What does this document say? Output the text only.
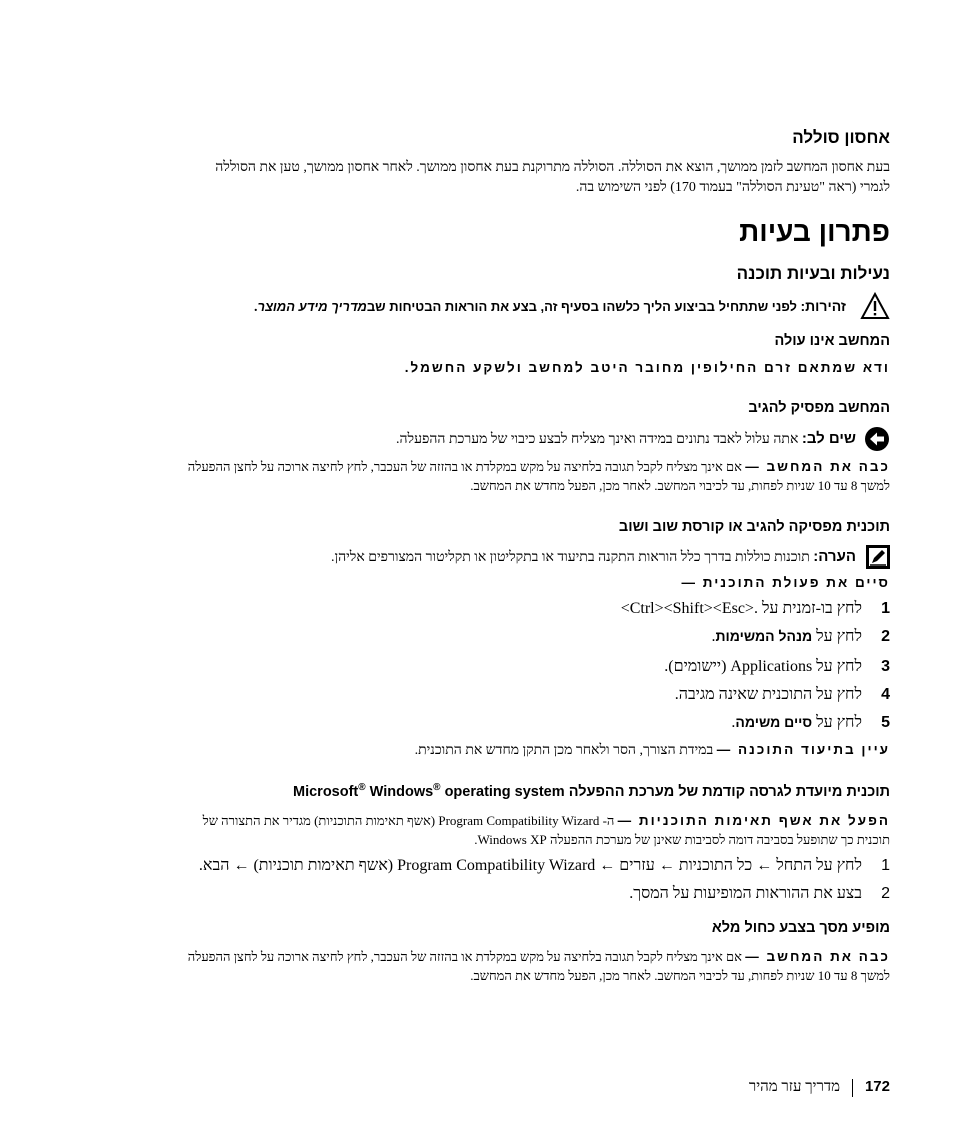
אחסון סוללה
בעת אחסון המחשב לזמן ממושך, הוצא את הסוללה. הסוללה מתרוקנת בעת אחסון ממושך. לאחר אחסון ממושך, טען את הסוללה
לגמרי (ראה "טעינת הסוללה" בעמוד 170) לפני השימוש בה.
פתרון בעיות
נעילות ובעיות תוכנה
זהירות: לפני שתתחיל בביצוע הליך כלשהו בסעיף זה, בצע את הוראות הבטיחות שבמדריך מידע המוצר.
המחשב אינו עולה
ודא שמתאם זרם החילופין מחובר היטב למחשב ולשקע החשמל.
המחשב מפסיק להגיב
שים לב: אתה עלול לאבד נתונים במידה ואינך מצליח לבצע כיבוי של מערכת ההפעלה.
כבה את המחשב — אם אינך מצליח לקבל תגובה בלחיצה על מקש במקלדת או בהזזה של העכבר, לחץ לחיצה ארוכה על לחצן ההפעלה
למשך 8 עד 10 שניות לפחות, עד לכיבוי המחשב. לאחר מכן, הפעל מחדש את המחשב.
תוכנית מפסיקה להגיב או קורסת שוב ושוב
הערה: תוכנות כוללות בדרך כלל הוראות התקנה בתיעוד או בתקליטון או תקליטור המצורפים אליהן.
סיים את פעולת התוכנית —
1לחץ בו-זמנית על <Ctrl><Shift><Esc>.
2לחץ על מנהל המשימות.
3לחץ על Applications (יישומים).
4לחץ על התוכנית שאינה מגיבה.
5לחץ על סיים משימה.
עיין בתיעוד התוכנה — במידת הצורך, הסר ולאחר מכן התקן מחדש את התוכנית.
תוכנית מיועדת לגרסה קודמת של מערכת ההפעלה Microsoft® Windows® operating system
הפעל את אשף תאימות התוכניות — ה- Program Compatibility Wizard (אשף תאימות התוכניות) מגדיר את התצורה של
תוכנית כך שתופעל בסביבה דומה לסביבות שאינן של מערכת ההפעלה Windows XP.
1לחץ על התחל ← כל התוכניות ← עזרים ← Program Compatibility Wizard (אשף תאימות תוכניות) ← הבא.
2בצע את ההוראות המופיעות על המסך.
מופיע מסך בצבע כחול מלא
כבה את המחשב — אם אינך מצליח לקבל תגובה בלחיצה על מקש במקלדת או בהזזה של העכבר, לחץ לחיצה ארוכה על לחצן ההפעלה
למשך 8 עד 10 שניות לפחות, עד לכיבוי המחשב. לאחר מכן, הפעל מחדש את המחשב.
172מדריך עזר מהיר
